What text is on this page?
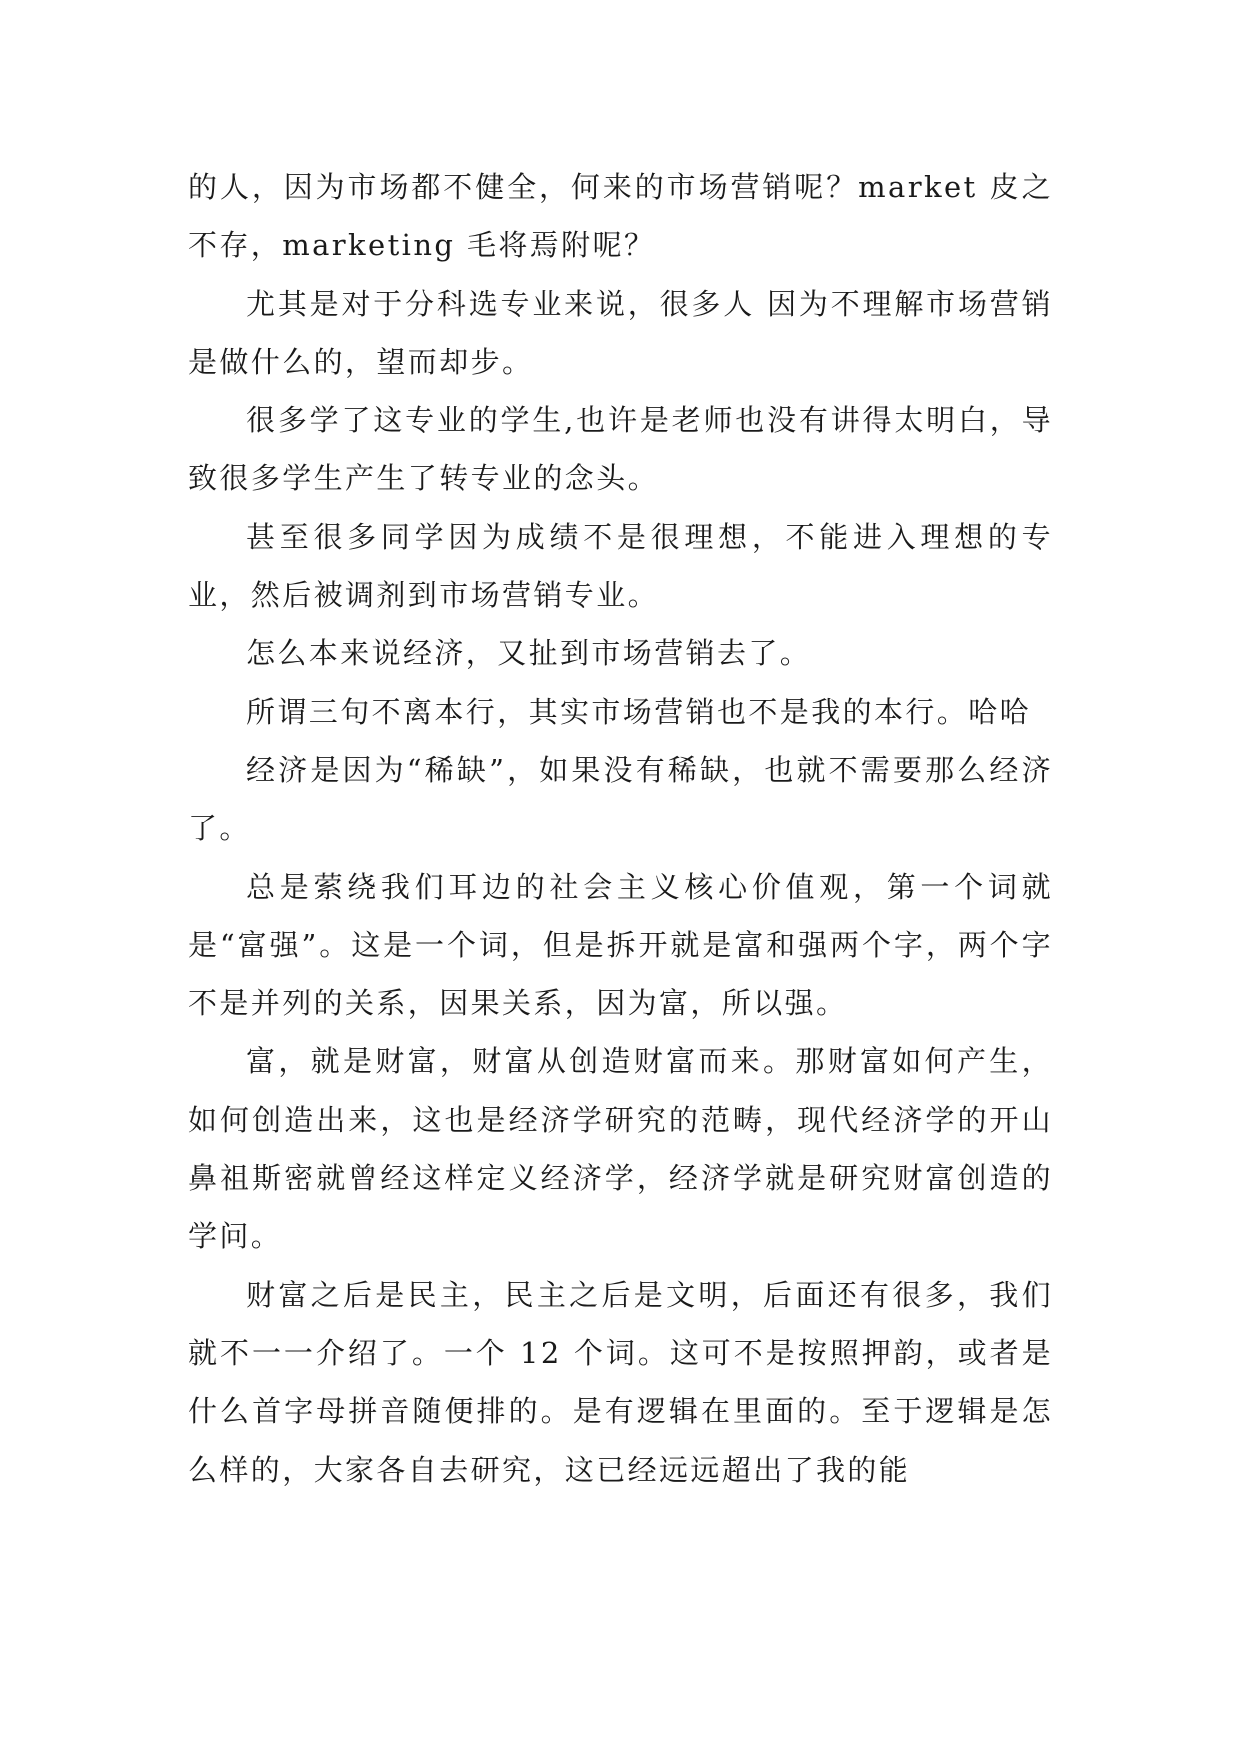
的人，因为市场都不健全，何来的市场营销呢？market 皮之不存，marketing 毛将焉附呢？

尤其是对于分科选专业来说，很多人 因为不理解市场营销是做什么的，望而却步。

很多学了这专业的学生,也许是老师也没有讲得太明白，导致很多学生产生了转专业的念头。

甚至很多同学因为成绩不是很理想，不能进入理想的专业，然后被调剂到市场营销专业。

怎么本来说经济，又扯到市场营销去了。

所谓三句不离本行，其实市场营销也不是我的本行。哈哈

经济是因为“稀缺”，如果没有稀缺，也就不需要那么经济了。

总是萦绕我们耳边的社会主义核心价值观，第一个词就是“富强”。这是一个词，但是拆开就是富和强两个字，两个字不是并列的关系，因果关系，因为富，所以强。

富，就是财富，财富从创造财富而来。那财富如何产生，如何创造出来，这也是经济学研究的范畴，现代经济学的开山鼻祖斯密就曾经这样定义经济学，经济学就是研究财富创造的学问。

财富之后是民主，民主之后是文明，后面还有很多，我们就不一一介绍了。一个 12 个词。这可不是按照押韵，或者是什么首字母拼音随便排的。是有逻辑在里面的。至于逻辑是怎么样的，大家各自去研究，这已经远远超出了我的能
